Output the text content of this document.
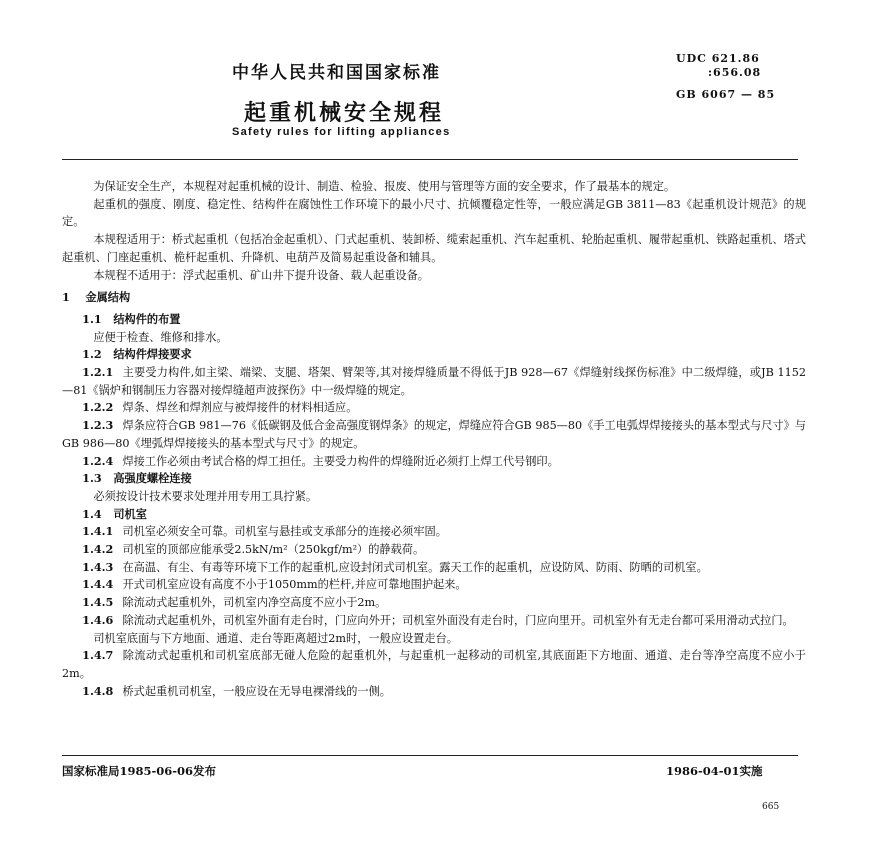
中华人民共和国国家标准
起重机械安全规程
Safety rules for lifting appliances
UDC 621.86
:656.08
GB 6067 — 85

为保证安全生产，本规程对起重机械的设计、制造、检验、报废、使用与管理等方面的安全要求，作了最基本的规定。

起重机的强度、刚度、稳定性、结构件在腐蚀性工作环境下的最小尺寸、抗倾覆稳定性等，一般应满足GB 3811—83《起重机设计规范》的规定。

本规程适用于：桥式起重机（包括冶金起重机）、门式起重机、装卸桥、缆索起重机、汽车起重机、轮胎起重机、履带起重机、铁路起重机、塔式起重机、门座起重机、桅杆起重机、升降机、电葫芦及简易起重设备和辅具。

本规程不适用于：浮式起重机、矿山井下提升设备、载人起重设备。

1 金属结构

1.1 结构件的布置

应便于检查、维修和排水。

1.2 结构件焊接要求

1.2.1 主要受力构件,如主梁、端梁、支腿、塔架、臂架等,其对接焊缝质量不得低于JB 928—67《焊缝射线探伤标准》中二级焊缝，或JB 1152—81《锅炉和钢制压力容器对接焊缝超声波探伤》中一级焊缝的规定。

1.2.2 焊条、焊丝和焊剂应与被焊接件的材料相适应。

1.2.3 焊条应符合GB 981—76《低碳钢及低合金高强度钢焊条》的规定，焊缝应符合GB 985—80《手工电弧焊焊接接头的基本型式与尺寸》与GB 986—80《埋弧焊焊接接头的基本型式与尺寸》的规定。

1.2.4 焊接工作必须由考试合格的焊工担任。主要受力构件的焊缝附近必须打上焊工代号钢印。

1.3 高强度螺栓连接

必须按设计技术要求处理并用专用工具拧紧。

1.4 司机室

1.4.1 司机室必须安全可靠。司机室与悬挂或支承部分的连接必须牢固。

1.4.2 司机室的顶部应能承受2.5kN/m²（250kgf/m²）的静载荷。

1.4.3 在高温、有尘、有毒等环境下工作的起重机,应设封闭式司机室。露天工作的起重机，应设防风、防雨、防晒的司机室。

1.4.4 开式司机室应设有高度不小于1050mm的栏杆,并应可靠地围护起来。

1.4.5 除流动式起重机外，司机室内净空高度不应小于2m。

1.4.6 除流动式起重机外，司机室外面有走台时，门应向外开；司机室外面没有走台时，门应向里开。司机室外有无走台都可采用滑动式拉门。

司机室底面与下方地面、通道、走台等距离超过2m时，一般应设置走台。

1.4.7 除流动式起重机和司机室底部无碰人危险的起重机外，与起重机一起移动的司机室,其底面距下方地面、通道、走台等净空高度不应小于2m。

1.4.8 桥式起重机司机室，一般应设在无导电裸滑线的一侧。

国家标准局1985-06-06发布	1986-04-01实施
665
